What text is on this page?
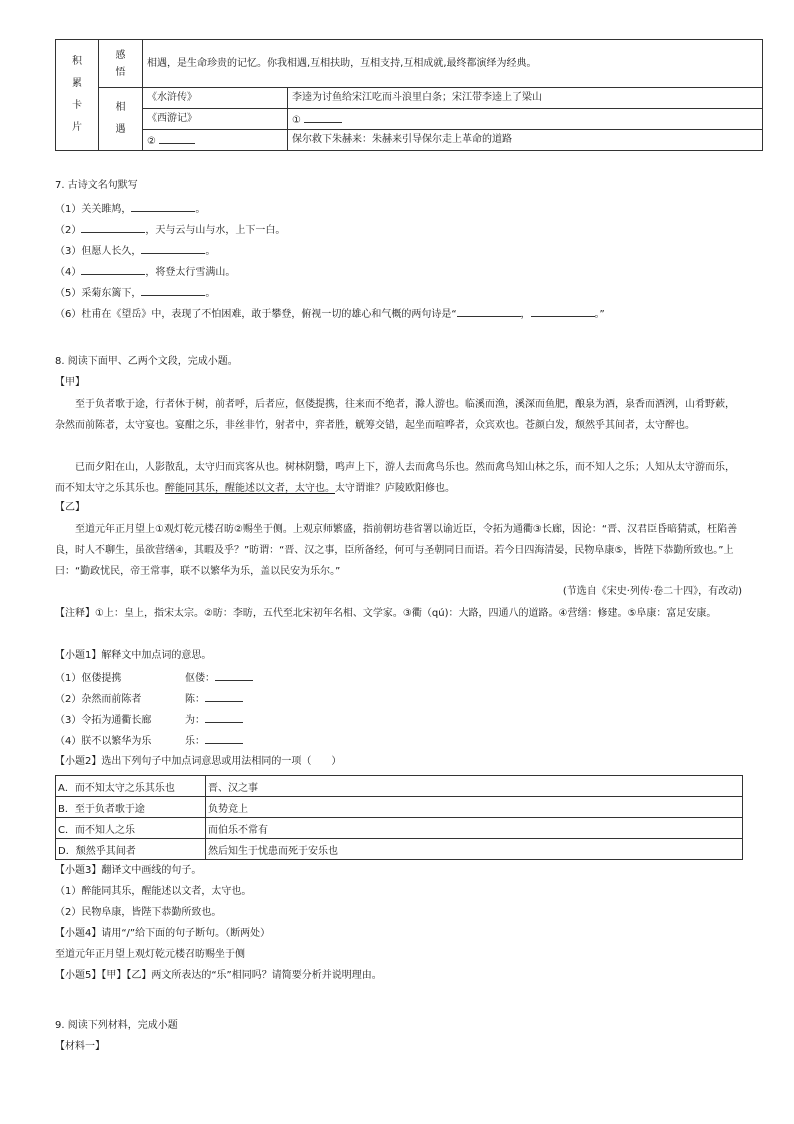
积累卡片	感悟	相遇，是生命珍贵的记忆。你我相遇,互相扶助，互相支持,互相成就,最终都演绎为经典。	
	相遇	《水浒传》	李逵为讨鱼给宋江吃而斗浪里白条；宋江带李逵上了梁山
		《西游记》	①
		②	保尔救下朱赫来：朱赫来引导保尔走上革命的道路
7. 古诗文名句默写
（1）关关雎鸠，	。
（2）	，天与云与山与水，上下一白。
（3）但愿人长久，	。
（4）	，将登太行雪满山。
（5）采菊东篱下，	。
（6）杜甫在《望岳》中，表现了不怕困难，敢于攀登，俯视一切的雄心和气概的两句诗是“	，	。”
8. 阅读下面甲、乙两个文段，完成小题。
【甲】
至于负者歌于途，行者休于树，前者呼，后者应，伛偻提携，往来而不绝者，滁人游也。临溪而渔，溪深而鱼肥，酿泉为酒，泉香而酒洌，山肴野蔌，杂然而前陈者，太守宴也。宴酣之乐，非丝非竹，射者中，弈者胜，觥筹交错，起坐而喧哗者，众宾欢也。苍颜白发，颓然乎其间者，太守醉也。
已而夕阳在山，人影散乱，太守归而宾客从也。树林阴翳，鸣声上下，游人去而禽鸟乐也。然而禽鸟知山林之乐，而不知人之乐；人知从太守游而乐，而不知太守之乐其乐也。醉能同其乐，醒能述以文者，太守也。太守谓谁？庐陵欧阳修也。
【乙】
至道元年正月望上①观灯乾元楼召昉②赐坐于侧。上观京师繁盛，指前朝坊巷省署以谕近臣，令拓为通衢③长廊，因论：“晋、汉君臣昏暗猜贰，枉陷善良，时人不聊生，虽欲营缮④，其暇及乎？”昉谓：“晋、汉之事，臣所备经，何可与圣朝同日而语。若今日四海清晏，民物阜康⑤，皆陛下恭勤所致也。”上曰：“勤政忧民，帝王常事，联不以繁华为乐，盖以民安为乐尔。”
(节选自《宋史·列传·卷二十四》，有改动)
【注释】①上：皇上，指宋太宗。②昉：李昉，五代至北宋初年名相、文学家。③衢（qú)：大路，四通八的道路。④营缮：修建。⑤阜康：富足安康。
【小题1】解释文中加点词的意思。
（1）伛偻提携	伛偻：
（2）杂然而前陈者	陈：
（3）令拓为通衢长廊	为：
（4）朕不以繁华为乐	乐：
【小题2】选出下列句子中加点词意思或用法相同的一项（　　）
A．而不知太守之乐其乐也	晋、汉之事
B．至于负者歌于途	负势竞上
C．而不知人之乐	而伯乐不常有
D．颓然乎其间者	然后知生于忧患而死于安乐也
【小题3】翻译文中画线的句子。
（1）醉能同其乐，醒能述以文者，太守也。
（2）民物阜康，皆陛下恭勤所致也。
【小题4】请用“/”给下面的句子断句。（断两处）
至道元年正月望上观灯乾元楼召昉赐坐于侧
【小题5】【甲】【乙】两文所表达的“乐”相同吗？请简要分析并说明理由。
9. 阅读下列材料，完成小题
【材料一】
